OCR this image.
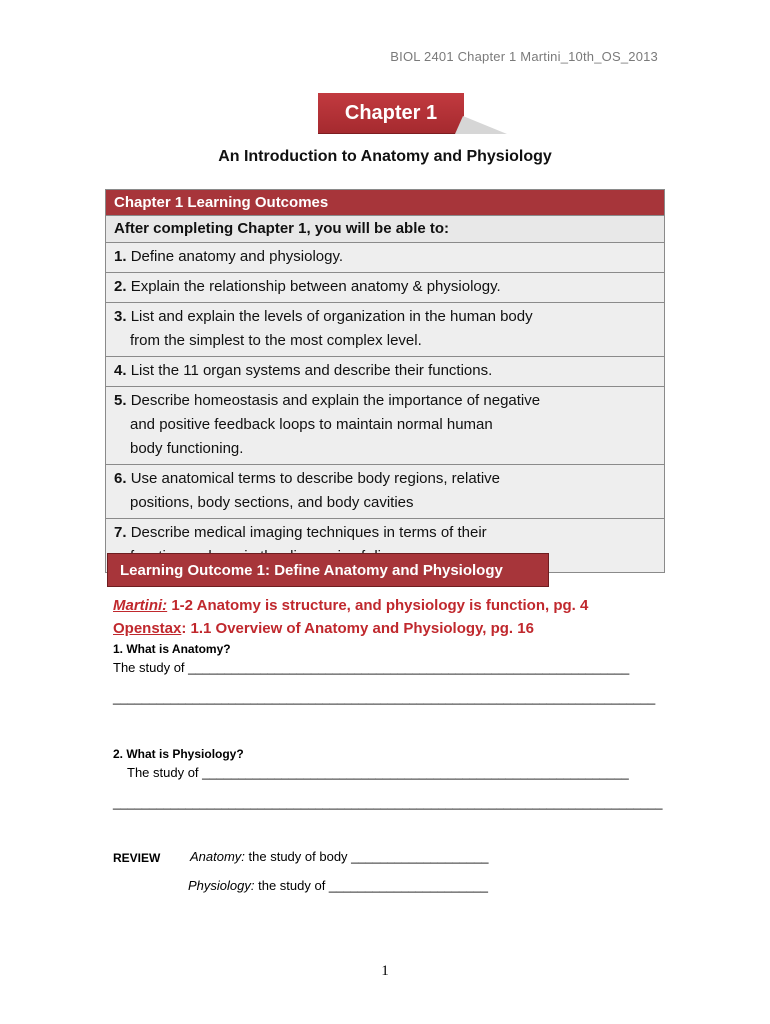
BIOL 2401 Chapter 1 Martini_10th_OS_2013
Chapter 1
An Introduction to Anatomy and Physiology
Chapter 1 Learning Outcomes
After completing Chapter 1, you will be able to:
1. Define anatomy and physiology.
2. Explain the relationship between anatomy & physiology.
3. List and explain the levels of organization in the human body
from the simplest to the most complex level.
4. List the 11 organ systems and describe their functions.
5. Describe homeostasis and explain the importance of negative
and positive feedback loops to maintain normal human
body functioning.
6. Use anatomical terms to describe body regions, relative
positions, body sections, and body cavities
7. Describe medical imaging techniques in terms of their
Learning Outcome 1: Define Anatomy and Physiology
Martini: 1-2 Anatomy is structure, and physiology is function, pg. 4
Openstax: 1.1 Overview of Anatomy and Physiology, pg. 16
1. What is Anatomy?
The study of _____________________________________________________________
___________________________________________________________________________
2. What is Physiology?
The study of ___________________________________________________________
____________________________________________________________________________
REVIEW Anatomy: the study of body ___________________
Physiology: the study of ______________________
1
